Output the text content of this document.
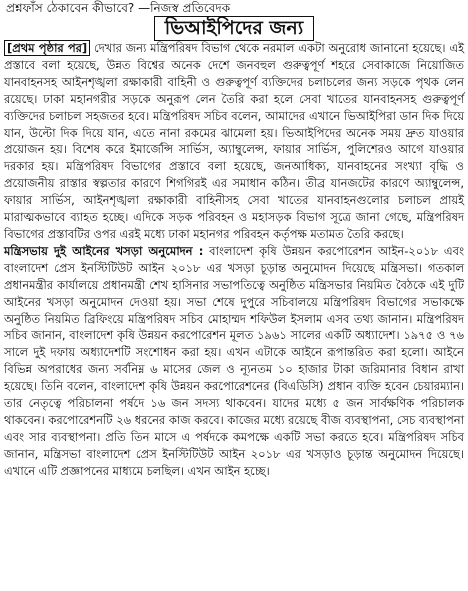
প্রশ্নফাঁস ঠেকাবেন কীভাবে? —নিজস্ব প্রতিবেদক
ভিআইপিদের জন্য

[প্রথম পৃষ্ঠার পর] দেখার জন্য মন্ত্রিপরিষদ বিভাগ থেকে নরমাল একটা অনুরোধ জানানো হয়েছে। এই প্রস্তাবে বলা হয়েছে, উন্নত বিশ্বের অনেক দেশে জনবহুল গুরুত্বপূর্ণ শহরে সেবাকাজে নিয়োজিত যানবাহনসহ আইনশৃঙ্খলা রক্ষাকারী বাহিনী ও গুরুত্বপূর্ণ ব্যক্তিদের চলাচলের জন্য সড়কে পৃথক লেন রয়েছে। ঢাকা মহানগরীর সড়কে অনুরূপ লেন তৈরি করা হলে সেবা খাতের যানবাহনসহ গুরুত্বপূর্ণ ব্যক্তিদের চলাচল সহজতর হবে। মন্ত্রিপরিষদ সচিব বলেন, আমাদের এখানে ভিআইপিরা ডান দিক দিয়ে যান, উল্টো দিক দিয়ে যান, এতে নানা রকমের ঝামেলা হয়। ভিআইপিদের অনেক সময় দ্রুত যাওয়ার প্রয়োজন হয়। বিশেষ করে ইমার্জেন্সি সার্ভিস, অ্যাম্বুলেন্স, ফায়ার সার্ভিস, পুলিশেরও আগে যাওয়ার দরকার হয়। মন্ত্রিপরিষদ বিভাগের প্রস্তাবে বলা হয়েছে, জনআধিক্য, যানবাহনের সংখ্যা বৃদ্ধি ও প্রয়োজনীয় রাস্তার স্বল্পতার কারণে শিগগিরই এর সমাধান কঠিন। তীব্র যানজটের কারণে অ্যাম্বুলেন্স, ফায়ার সার্ভিস, আইনশৃঙ্খলা রক্ষাকারী বাহিনীসহ সেবা খাতের যানবাহনগুলোর চলাচল প্রায়ই মারাত্মকভাবে ব্যাহত হচ্ছে। এদিকে সড়ক পরিবহন ও মহাসড়ক বিভাগ সূত্রে জানা গেছে, মন্ত্রিপরিষদ বিভাগের প্রস্তাবটির ওপর এরই মধ্যে ঢাকা মহানগর পরিবহন কর্তৃপক্ষ মতামত তৈরি করছে।

মন্ত্রিসভায় দুই আইনের খসড়া অনুমোদন : বাংলাদেশ কৃষি উন্নয়ন করপোরেশন আইন-২০১৮ এবং বাংলাদেশ প্রেস ইনস্টিটিউট আইন ২০১৮ এর খসড়া চূড়ান্ত অনুমোদন দিয়েছে মন্ত্রিসভা। গতকাল প্রধানমন্ত্রীর কার্যালয়ে প্রধানমন্ত্রী শেখ হাসিনার সভাপতিত্বে অনুষ্ঠিত মন্ত্রিসভার নিয়মিত বৈঠকে এই দুটি আইনের খসড়া অনুমোদন দেওয়া হয়। সভা শেষে দুপুরে সচিবালয়ে মন্ত্রিপরিষদ বিভাগের সভাকক্ষে অনুষ্ঠিত নিয়মিত ব্রিফিংয়ে মন্ত্রিপরিষদ সচিব মোহাম্মদ শফিউল ইসলাম এসব তথ্য জানান। মন্ত্রিপরিষদ সচিব জানান, বাংলাদেশ কৃষি উন্নয়ন করপোরেশন মূলত ১৯৬১ সালের একটি অধ্যাদেশ। ১৯৭৫ ও ৭৬ সালে দুই দফায় অধ্যাদেশটি সংশোধন করা হয়। এখন এটাকে আইনে রূপান্তরিত করা হলো। আইনে বিভিন্ন অপরাধের জন্য সর্বনিম্ন ৬ মাসের জেল ও ন্যূনতম ১০ হাজার টাকা জরিমানার বিধান রাখা হয়েছে। তিনি বলেন, বাংলাদেশ কৃষি উন্নয়ন করপোরেশনের (বিএডিসি) প্রধান ব্যক্তি হবেন চেয়ারম্যান। তার নেতৃত্বে পরিচালনা পর্ষদে ১৬ জন সদস্য থাকবেন। যাদের মধ্যে ৫ জন সার্বক্ষণিক পরিচালক থাকবেন। করপোরেশনটি ২৬ ধরনের কাজ করবে। কাজের মধ্যে রয়েছে বীজ ব্যবস্থাপনা, সেচ ব্যবস্থাপনা এবং সার ব্যবস্থাপনা। প্রতি তিন মাসে এ পর্ষদকে কমপক্ষে একটি সভা করতে হবে। মন্ত্রিপরিষদ সচিব জানান, মন্ত্রিসভা বাংলাদেশ প্রেস ইনস্টিটিউট আইন ২০১৮ এর খসড়াও চূড়ান্ত অনুমোদন দিয়েছে। এখানে এটি প্রজ্ঞাপনের মাধ্যমে চলছিল। এখন আইন হচ্ছে।
